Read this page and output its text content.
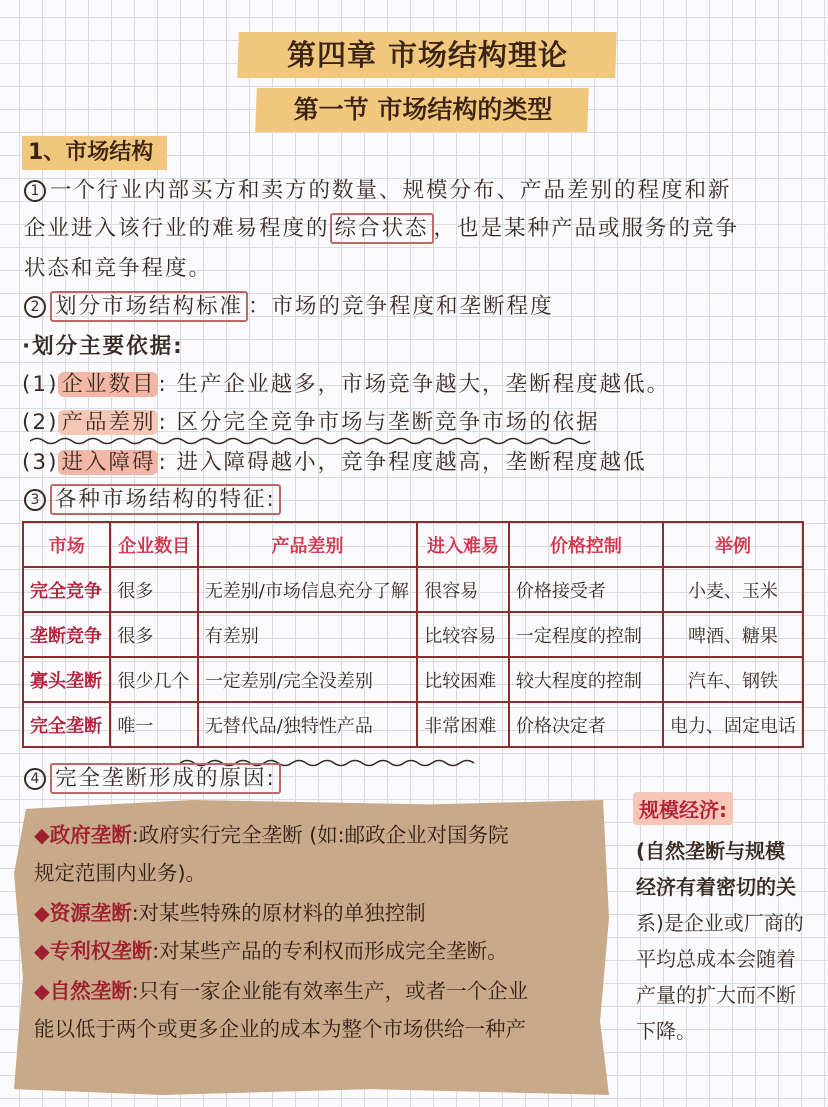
第四章 市场结构理论
第一节 市场结构的类型
1、市场结构
1 一个行业内部买方和卖方的数量、规模分布、产品差别的程度和新
企业进入该行业的难易程度的 综合状态 ，也是某种产品或服务的竞争
状态和竞争程度。
2 划分市场结构标准 ：市场的竞争程度和垄断程度
·划分主要依据:
(1) 企业数目 : 生产企业越多，市场竞争越大，垄断程度越低。
(2) 产品差别 : 区分完全竞争市场与垄断竞争市场的依据
(3) 进入障碍 : 进入障碍越小，竞争程度越高，垄断程度越低
3 各种市场结构的特征:
市场	企业数目	产品差别	进入难易	价格控制	举例
完全竞争	很多	无差别/市场信息充分了解	很容易	价格接受者	小麦、玉米
垄断竞争	很多	有差别	比较容易	一定程度的控制	啤酒、糖果
寡头垄断	很少几个	一定差别/完全没差别	比较困难	较大程度的控制	汽车、钢铁
完全垄断	唯一	无替代品/独特性产品	非常困难	价格决定者	电力、固定电话
4 完全垄断形成的原因:
◆政府垄断:政府实行完全垄断 (如:邮政企业对国务院
规定范围内业务)。
◆资源垄断:对某些特殊的原材料的单独控制
◆专利权垄断:对某些产品的专利权而形成完全垄断。
◆自然垄断:只有一家企业能有效率生产，或者一个企业
能以低于两个或更多企业的成本为整个市场供给一种产
规模经济:
(自然垄断与规模
经济有着密切的关
系)是企业或厂商的
平均总成本会随着
产量的扩大而不断
下降。
